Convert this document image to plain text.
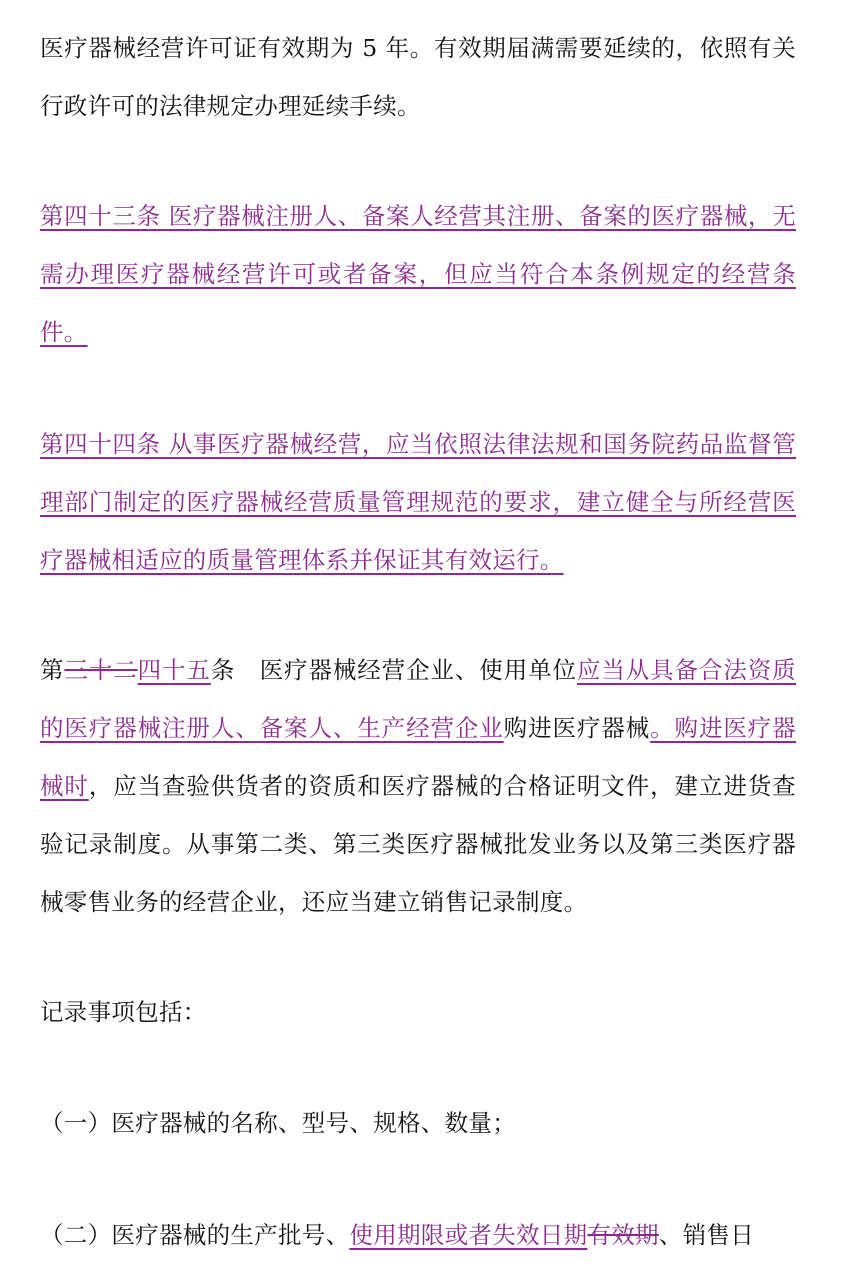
医疗器械经营许可证有效期为 5 年。有效期届满需要延续的，依照有关行政许可的法律规定办理延续手续。

第四十三条 医疗器械注册人、备案人经营其注册、备案的医疗器械，无需办理医疗器械经营许可或者备案，但应当符合本条例规定的经营条件。

第四十四条 从事医疗器械经营，应当依照法律法规和国务院药品监督管理部门制定的医疗器械经营质量管理规范的要求，建立健全与所经营医疗器械相适应的质量管理体系并保证其有效运行。

第三十二四十五条　医疗器械经营企业、使用单位应当从具备合法资质的医疗器械注册人、备案人、生产经营企业购进医疗器械。购进医疗器械时，应当查验供货者的资质和医疗器械的合格证明文件，建立进货查验记录制度。从事第二类、第三类医疗器械批发业务以及第三类医疗器械零售业务的经营企业，还应当建立销售记录制度。

记录事项包括：

（一）医疗器械的名称、型号、规格、数量；

（二）医疗器械的生产批号、使用期限或者失效日期有效期、销售日
